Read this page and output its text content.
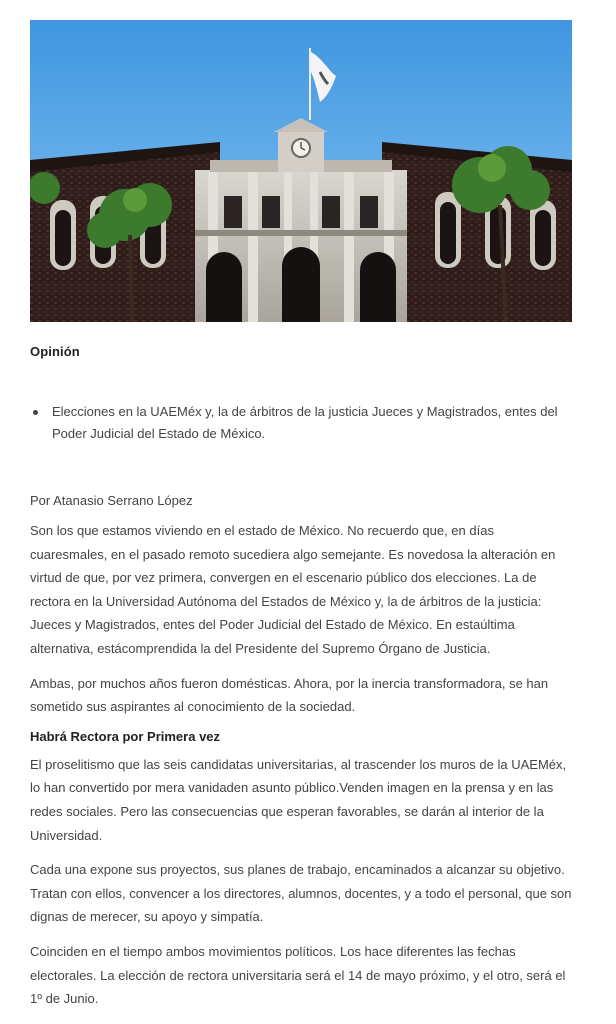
Opinión
Elecciones en la UAEMéx y, la de árbitros de la justicia Jueces y Magistrados, entes del Poder Judicial del Estado de México.
Por Atanasio Serrano López

Son los que estamos viviendo en el estado de México. No recuerdo que, en días cuaresmales, en el pasado remoto sucediera algo semejante. Es novedosa la alteración en virtud de que, por vez primera, convergen en el escenario público dos elecciones. La de rectora en la Universidad Autónoma del Estados de México y, la de árbitros de la justicia: Jueces y Magistrados, entes del Poder Judicial del Estado de México. En estaúltima alternativa, estácomprendida la del Presidente del Supremo Órgano de Justicia.

Ambas, por muchos años fueron domésticas. Ahora, por la inercia transformadora, se han sometido sus aspirantes al conocimiento de la sociedad.

Habrá Rectora por Primera vez

El proselitismo que las seis candidatas universitarias, al trascender los muros de la UAEMéx, lo han convertido por mera vanidaden asunto público.Venden imagen en la prensa y en las redes sociales. Pero las consecuencias que esperan favorables, se darán al interior de la Universidad.

Cada una expone sus proyectos, sus planes de trabajo, encaminados a alcanzar su objetivo. Tratan con ellos, convencer a los directores, alumnos, docentes, y a todo el personal, que son dignas de merecer, su apoyo y simpatía.

Coinciden en el tiempo ambos movimientos políticos. Los hace diferentes las fechas electorales. La elección de rectora universitaria será el 14 de mayo próximo, y el otro, será el 1º de Junio.
